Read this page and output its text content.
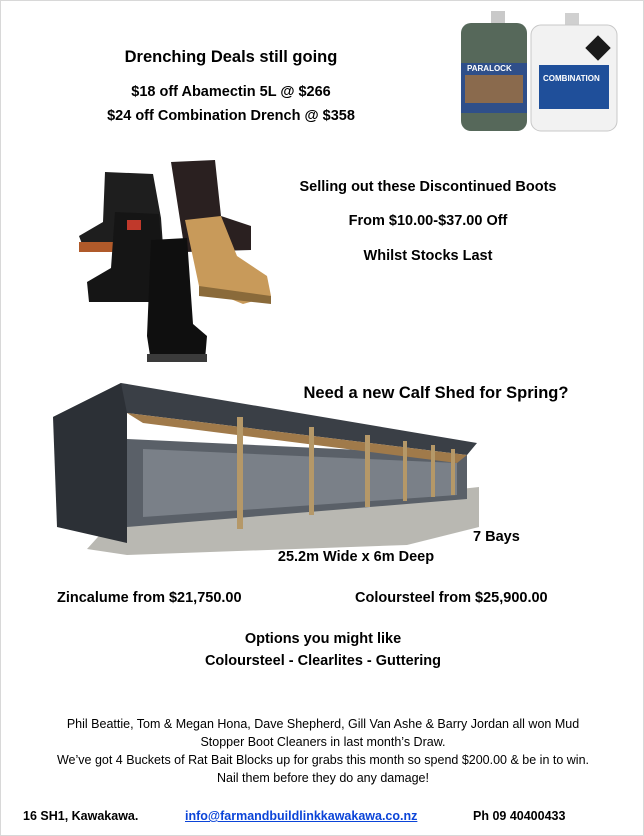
Drenching Deals still going
$18 off Abamectin 5L @ $266
$24 off Combination Drench @ $358
PARALOCK
COMBINATION
Selling out these Discontinued Boots
From $10.00-$37.00 Off
Whilst Stocks Last
Need a new Calf Shed for Spring?
7 Bays
25.2m Wide x 6m Deep
Zincalume from $21,750.00	Coloursteel from $25,900.00
Options you might like
Coloursteel - Clearlites - Guttering
Phil Beattie, Tom & Megan Hona, Dave Shepherd, Gill Van Ashe & Barry Jordan all won Mud
Stopper Boot Cleaners in last month’s Draw.
We’ve got 4 Buckets of Rat Bait Blocks up for grabs this month so spend $200.00 & be in to win.
Nail them before they do any damage!
16 SH1, Kawakawa.	info@farmandbuildlinkkawakawa.co.nz	Ph 09 40400433
